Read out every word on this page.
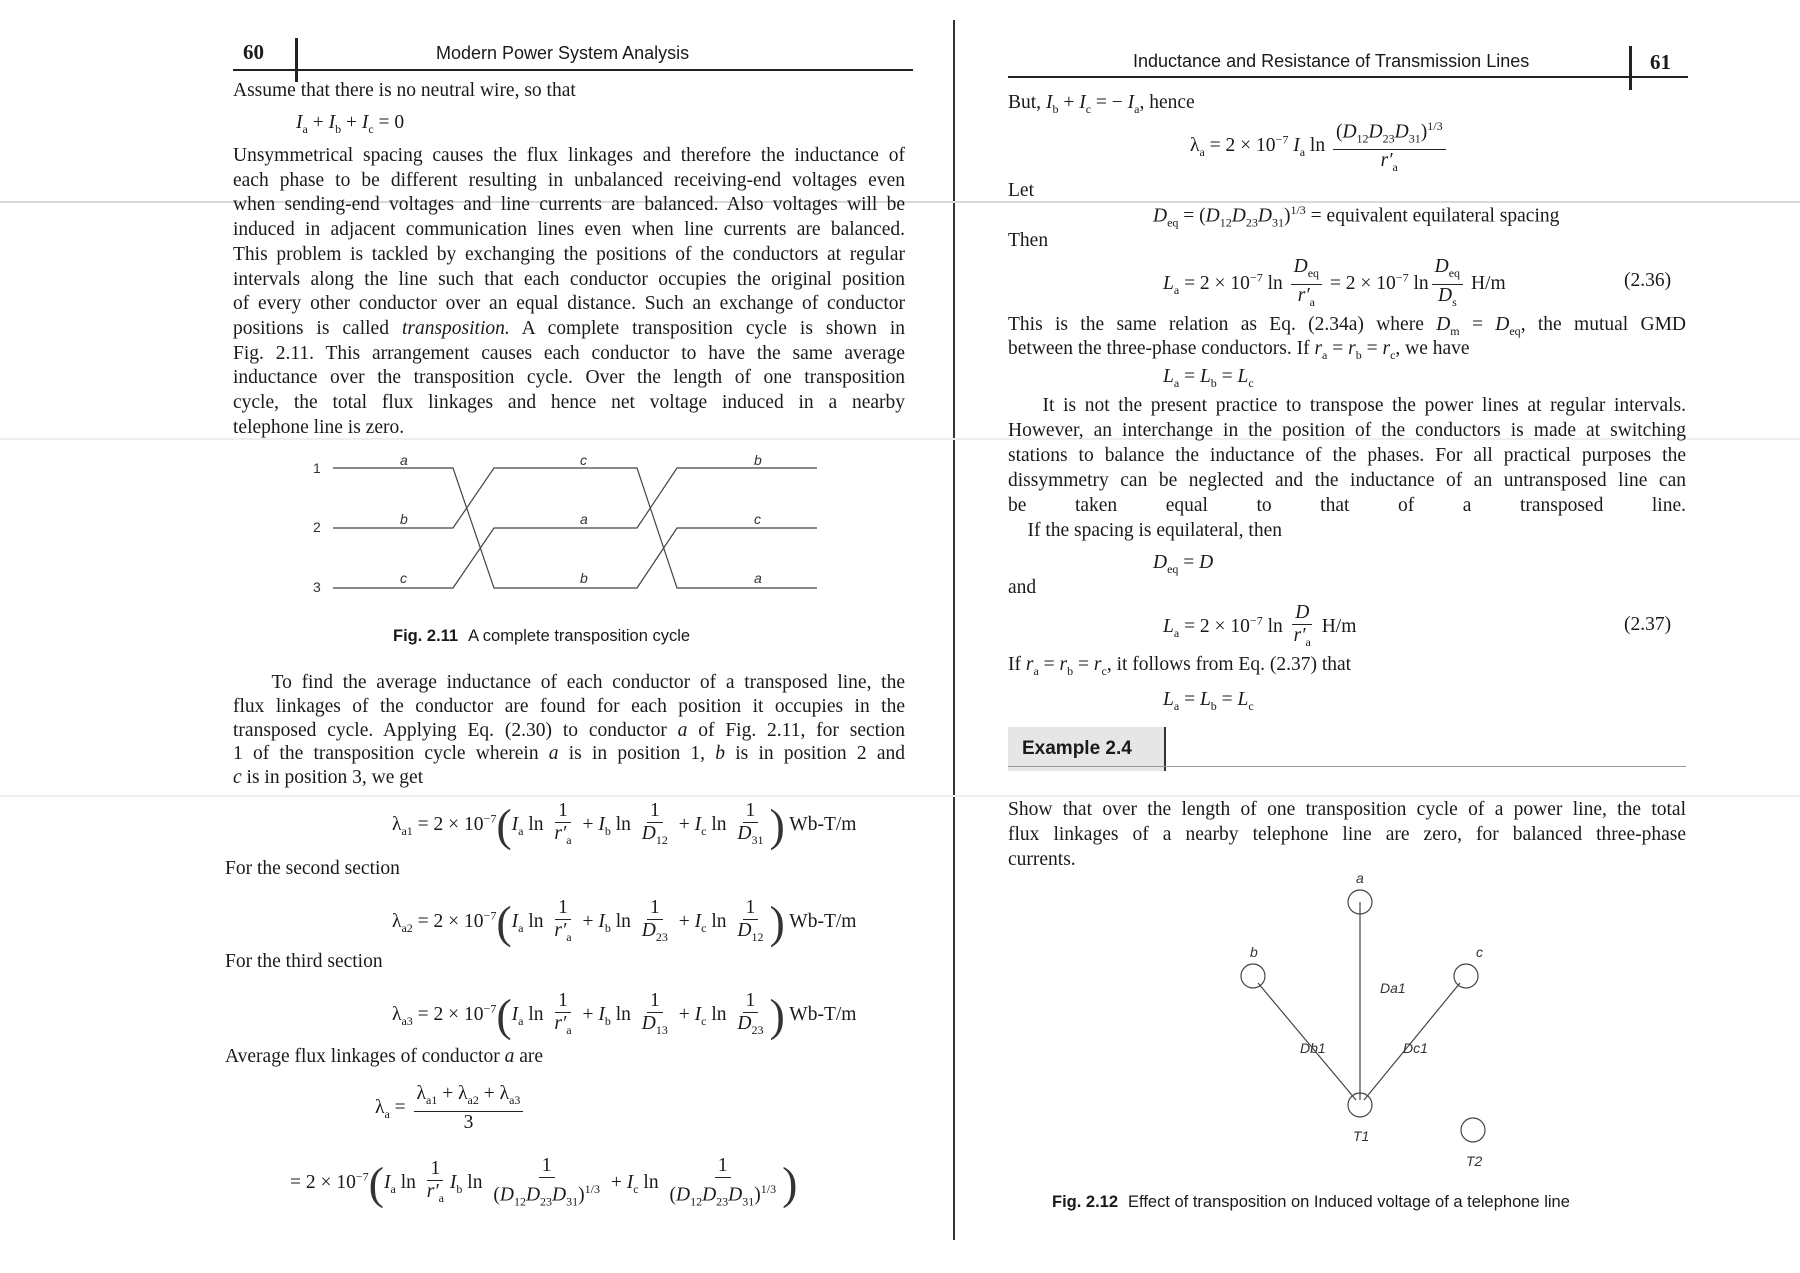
60	Modern Power System Analysis
Assume that there is no neutral wire, so that
$I_a + I_b + I_c = 0$
Unsymmetrical spacing causes the flux linkages and therefore the inductance of
each phase to be different resulting in unbalanced receiving-end voltages even
when sending-end voltages and line currents are balanced. Also voltages will be
induced in adjacent communication lines even when line currents are balanced.
This problem is tackled by exchanging the positions of the conductors at regular
intervals along the line such that each conductor occupies the original position
of every other conductor over an equal distance. Such an exchange of conductor
positions is called transposition. A complete transposition cycle is shown in
Fig. 2.11. This arrangement causes each conductor to have the same average
inductance over the transposition cycle. Over the length of one transposition
cycle, the total flux linkages and hence net voltage induced in a nearby
telephone line is zero.
1
2
3
a
b
c
c
a
b
b
c
a
Fig. 2.11 A complete transposition cycle
To find the average inductance of each conductor of a transposed line, the
flux linkages of the conductor are found for each position it occupies in the
transposed cycle. Applying Eq. (2.30) to conductor a of Fig. 2.11, for section
1 of the transposition cycle wherein a is in position 1, b is in position 2 and
c is in position 3, we get
$\lambda_{a1} = 2 \times 10^{-7}(I_a$ $\ln \frac{1}{r'_a} + I_b$ $\ln \frac{1}{D_{12}} + I_c$ $\ln \frac{1}{D_{31}}$ ) Wb-T/m
For the second section
$\lambda_{a2} = 2 \times 10^{-7}(I_a$ $\ln \frac{1}{r'_a} + I_b$ $\ln \frac{1}{D_{23}} + I_c$ $\ln \frac{1}{D_{12}}$ ) Wb-T/m
For the third section
$\lambda_{a3} = 2 \times 10^{-7}(I_a$ $\ln \frac{1}{r'_a} + I_b$ $\ln \frac{1}{D_{13}} + I_c$ $\ln \frac{1}{D_{23}}$ ) Wb-T/m
Average flux linkages of conductor a are
$\lambda_a = \frac{\lambda_{a1} + \lambda_{a2} + \lambda_{a3}}{3}$
= $2 \times 10^{-7}(I_a$ $\ln \frac{1}{r'_a} I_b$ $\ln \frac{1}{(D_{12}D_{23}D_{31})^{1/3}} + I_c$ $\ln \frac{1}{(D_{12}D_{23}D_{31})^{1/3}}$ )
Inductance and Resistance of Transmission Lines	61
But, $I_b + I_c$ = − $I_a$, hence
$\lambda_a = 2 \times 10^{-7}$ $I_a$ $\ln \frac{(D_{12}D_{23}D_{31})^{1/3}}{r'_a}$
Let
$D_{eq} = (D_{12}D_{23}D_{31})^{1/3}$ = equivalent equilateral spacing
Then
$L_a = 2 \times 10^{-7}$ $\ln \frac{D_{eq}}{r'_a} = 2 \times 10^{-7}$ $\ln \frac{D_{eq}}{D_s} H/m$	(2.36)
This is the same relation as Eq. (2.34a) where $D_m = D_{eq}$, the mutual GMD
between the three-phase conductors. If $r_a = r_b = r_c$, we have
$L_a = L_b = L_c$
It is not the present practice to transpose the power lines at regular intervals.
However, an interchange in the position of the conductors is made at switching
stations to balance the inductance of the phases. For all practical purposes the
dissymmetry can be neglected and the inductance of an untransposed line can
be taken equal to that of a transposed line.
If the spacing is equilateral, then
$D_{eq} = D$
and
$L_a = 2 \times 10^{-7}$ $\ln \frac{D}{r'_a} H/m$	(2.37)
If $r_a = r_b = r_c$, it follows from Eq. (2.37) that
$L_a = L_b = L_c$
Example 2.4
Show that over the length of one transposition cycle of a power line, the total
flux linkages of a nearby telephone line are zero, for balanced three-phase
currents.
a
b	c
Da1
Db1	Dc1
T1
T2
Fig. 2.12 Effect of transposition on Induced voltage of a telephone line
